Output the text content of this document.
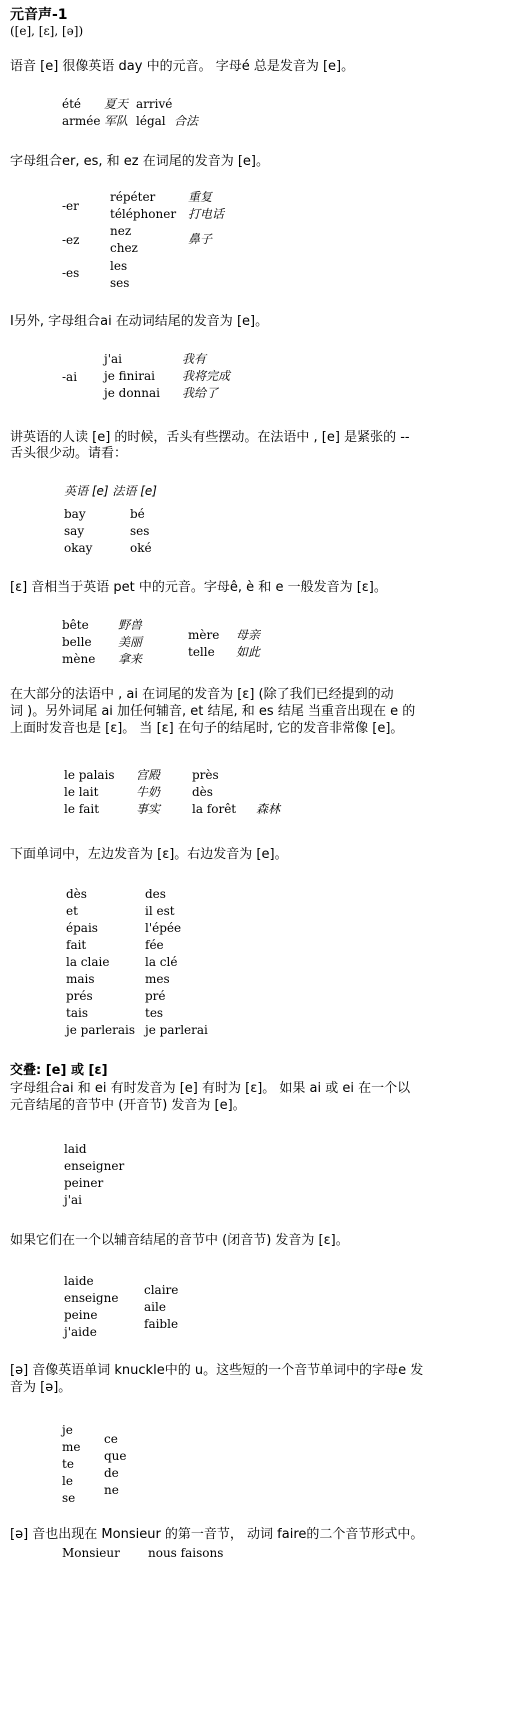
元音声-1
([e], [ɛ], [ə])
语音 [e] 很像英语 day 中的元音。 字母é 总是发音为 [e]。
été 夏天 arrivé
armée 军队 légal 合法
字母组合er, es, 和 ez 在词尾的发音为 [e]。
-er
répéter
téléphoner
重复
打电话
-ez
nez
chez
鼻子
-es	les
ses
I另外, 字母组合ai 在动词结尾的发音为 [e]。
-ai
j'ai
je finirai
je donnai
我有
我将完成
我给了
讲英语的人读 [e] 的时候，舌头有些摆动。在法语中 , [e] 是紧张的 --
舌头很少动。请看：
英语 [e] 法语 [e]
bay
say
okay
bé
ses
oké
[ɛ] 音相当于英语 pet 中的元音。字母ê, è 和 e 一般发音为 [ɛ]。
bête
belle
mène
野兽
美丽
拿来
mère
telle
母亲
如此
在大部分的法语中 , ai 在词尾的发音为 [ɛ] (除了我们已经提到的动
词 )。另外词尾 ai 加任何辅音, et 结尾, 和 es 结尾 当重音出现在 e 的
上面时发音也是 [ɛ]。 当 [ɛ] 在句子的结尾时, 它的发音非常像 [e]。
le palais
le lait
le fait
宫殿
牛奶
事实
près
dès
la forêt 森林
下面单词中，左边发音为 [ɛ]。右边发音为 [e]。
dès
et
épais
fait
la claie
mais
prés
tais
je parlerais
des
il est
l'épée
fée
la clé
mes
pré
tes
je parlerai
交叠: [e] 或 [ɛ]
字母组合ai 和 ei 有时发音为 [e] 有时为 [ɛ]。 如果 ai 或 ei 在一个以
元音结尾的音节中 (开音节) 发音为 [e]。
laid
enseigner
peiner
j'ai
如果它们在一个以辅音结尾的音节中 (闭音节) 发音为 [ɛ]。
laide
enseigne
peine
j'aide
claire
aile
faible
[ə] 音像英语单词 knuckle中的 u。这些短的一个音节单词中的字母e 发
音为 [ə]。
je
me
te
le
se
ce
que
de
ne
[ə] 音也出现在 Monsieur 的第一音节， 动词 faire的二个音节形式中。
Monsieur nous faisons
